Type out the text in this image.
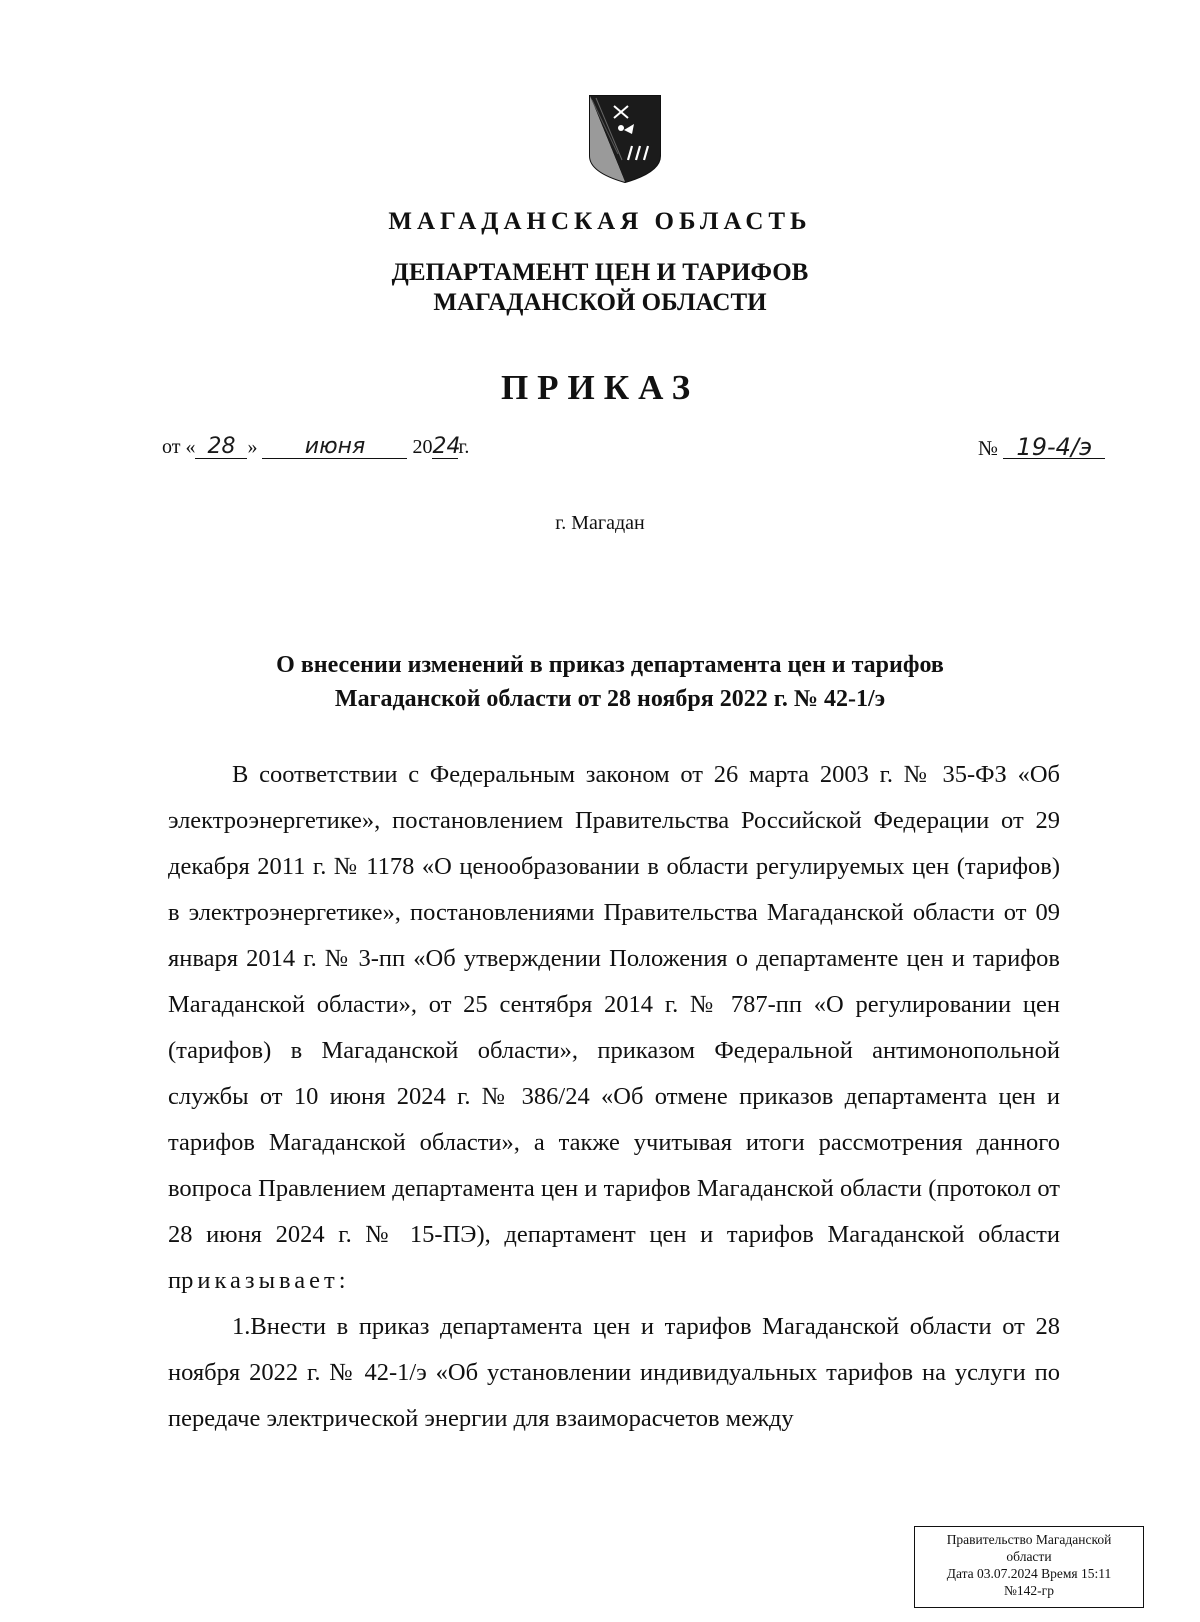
МАГАДАНСКАЯ ОБЛАСТЬ
ДЕПАРТАМЕНТ ЦЕН И ТАРИФОВ
МАГАДАНСКОЙ ОБЛАСТИ
ПРИКАЗ
от « 28 » июня 2024г.	№ 19-4/э
г. Магадан
О внесении изменений в приказ департамента цен и тарифов
Магаданской области от 28 ноября 2022 г. № 42-1/э

В соответствии с Федеральным законом от 26 марта 2003 г. № 35-ФЗ «Об электроэнергетике», постановлением Правительства Российской Федерации от 29 декабря 2011 г. № 1178 «О ценообразовании в области регулируемых цен (тарифов) в электроэнергетике», постановлениями Правительства Магаданской области от 09 января 2014 г. № 3-пп «Об утверждении Положения о департаменте цен и тарифов Магаданской области», от 25 сентября 2014 г. № 787-пп «О регулировании цен (тарифов) в Магаданской области», приказом Федеральной антимонопольной службы от 10 июня 2024 г. № 386/24 «Об отмене приказов департамента цен и тарифов Магаданской области», а также учитывая итоги рассмотрения данного вопроса Правлением департамента цен и тарифов Магаданской области (протокол от 28 июня 2024 г. № 15-ПЭ), департамент цен и тарифов Магаданской области приказывает:

1.Внести в приказ департамента цен и тарифов Магаданской области от 28 ноября 2022 г. № 42-1/э «Об установлении индивидуальных тарифов на услуги по передаче электрической энергии для взаиморасчетов между

Правительство Магаданской
области
Дата 03.07.2024 Время 15:11
№142-гр
